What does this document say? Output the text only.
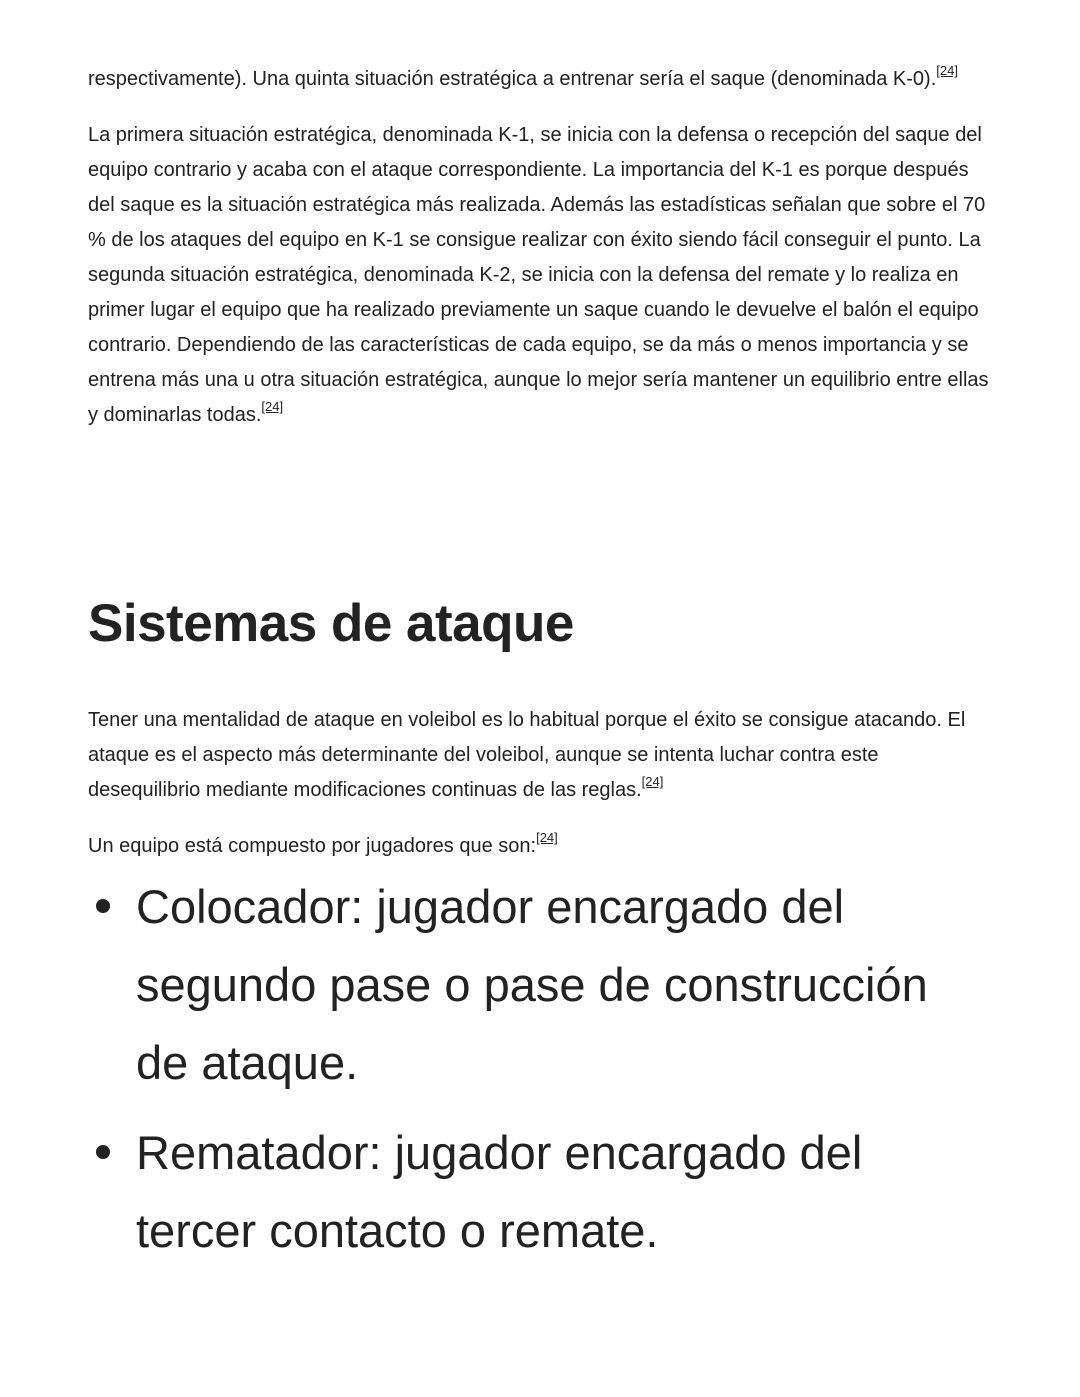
respectivamente). Una quinta situación estratégica a entrenar sería el saque (denominada K-0).[24]

La primera situación estratégica, denominada K-1, se inicia con la defensa o recepción del saque del equipo contrario y acaba con el ataque correspondiente. La importancia del K-1 es porque después del saque es la situación estratégica más realizada. Además las estadísticas señalan que sobre el 70 % de los ataques del equipo en K-1 se consigue realizar con éxito siendo fácil conseguir el punto. La segunda situación estratégica, denominada K-2, se inicia con la defensa del remate y lo realiza en primer lugar el equipo que ha realizado previamente un saque cuando le devuelve el balón el equipo contrario. Dependiendo de las características de cada equipo, se da más o menos importancia y se entrena más una u otra situación estratégica, aunque lo mejor sería mantener un equilibrio entre ellas y dominarlas todas.[24]

Sistemas de ataque

Tener una mentalidad de ataque en voleibol es lo habitual porque el éxito se consigue atacando. El ataque es el aspecto más determinante del voleibol, aunque se intenta luchar contra este desequilibrio mediante modificaciones continuas de las reglas.[24]

Un equipo está compuesto por jugadores que son:[24]

Colocador: jugador encargado del segundo pase o pase de construcción de ataque.
Rematador: jugador encargado del tercer contacto o remate.
